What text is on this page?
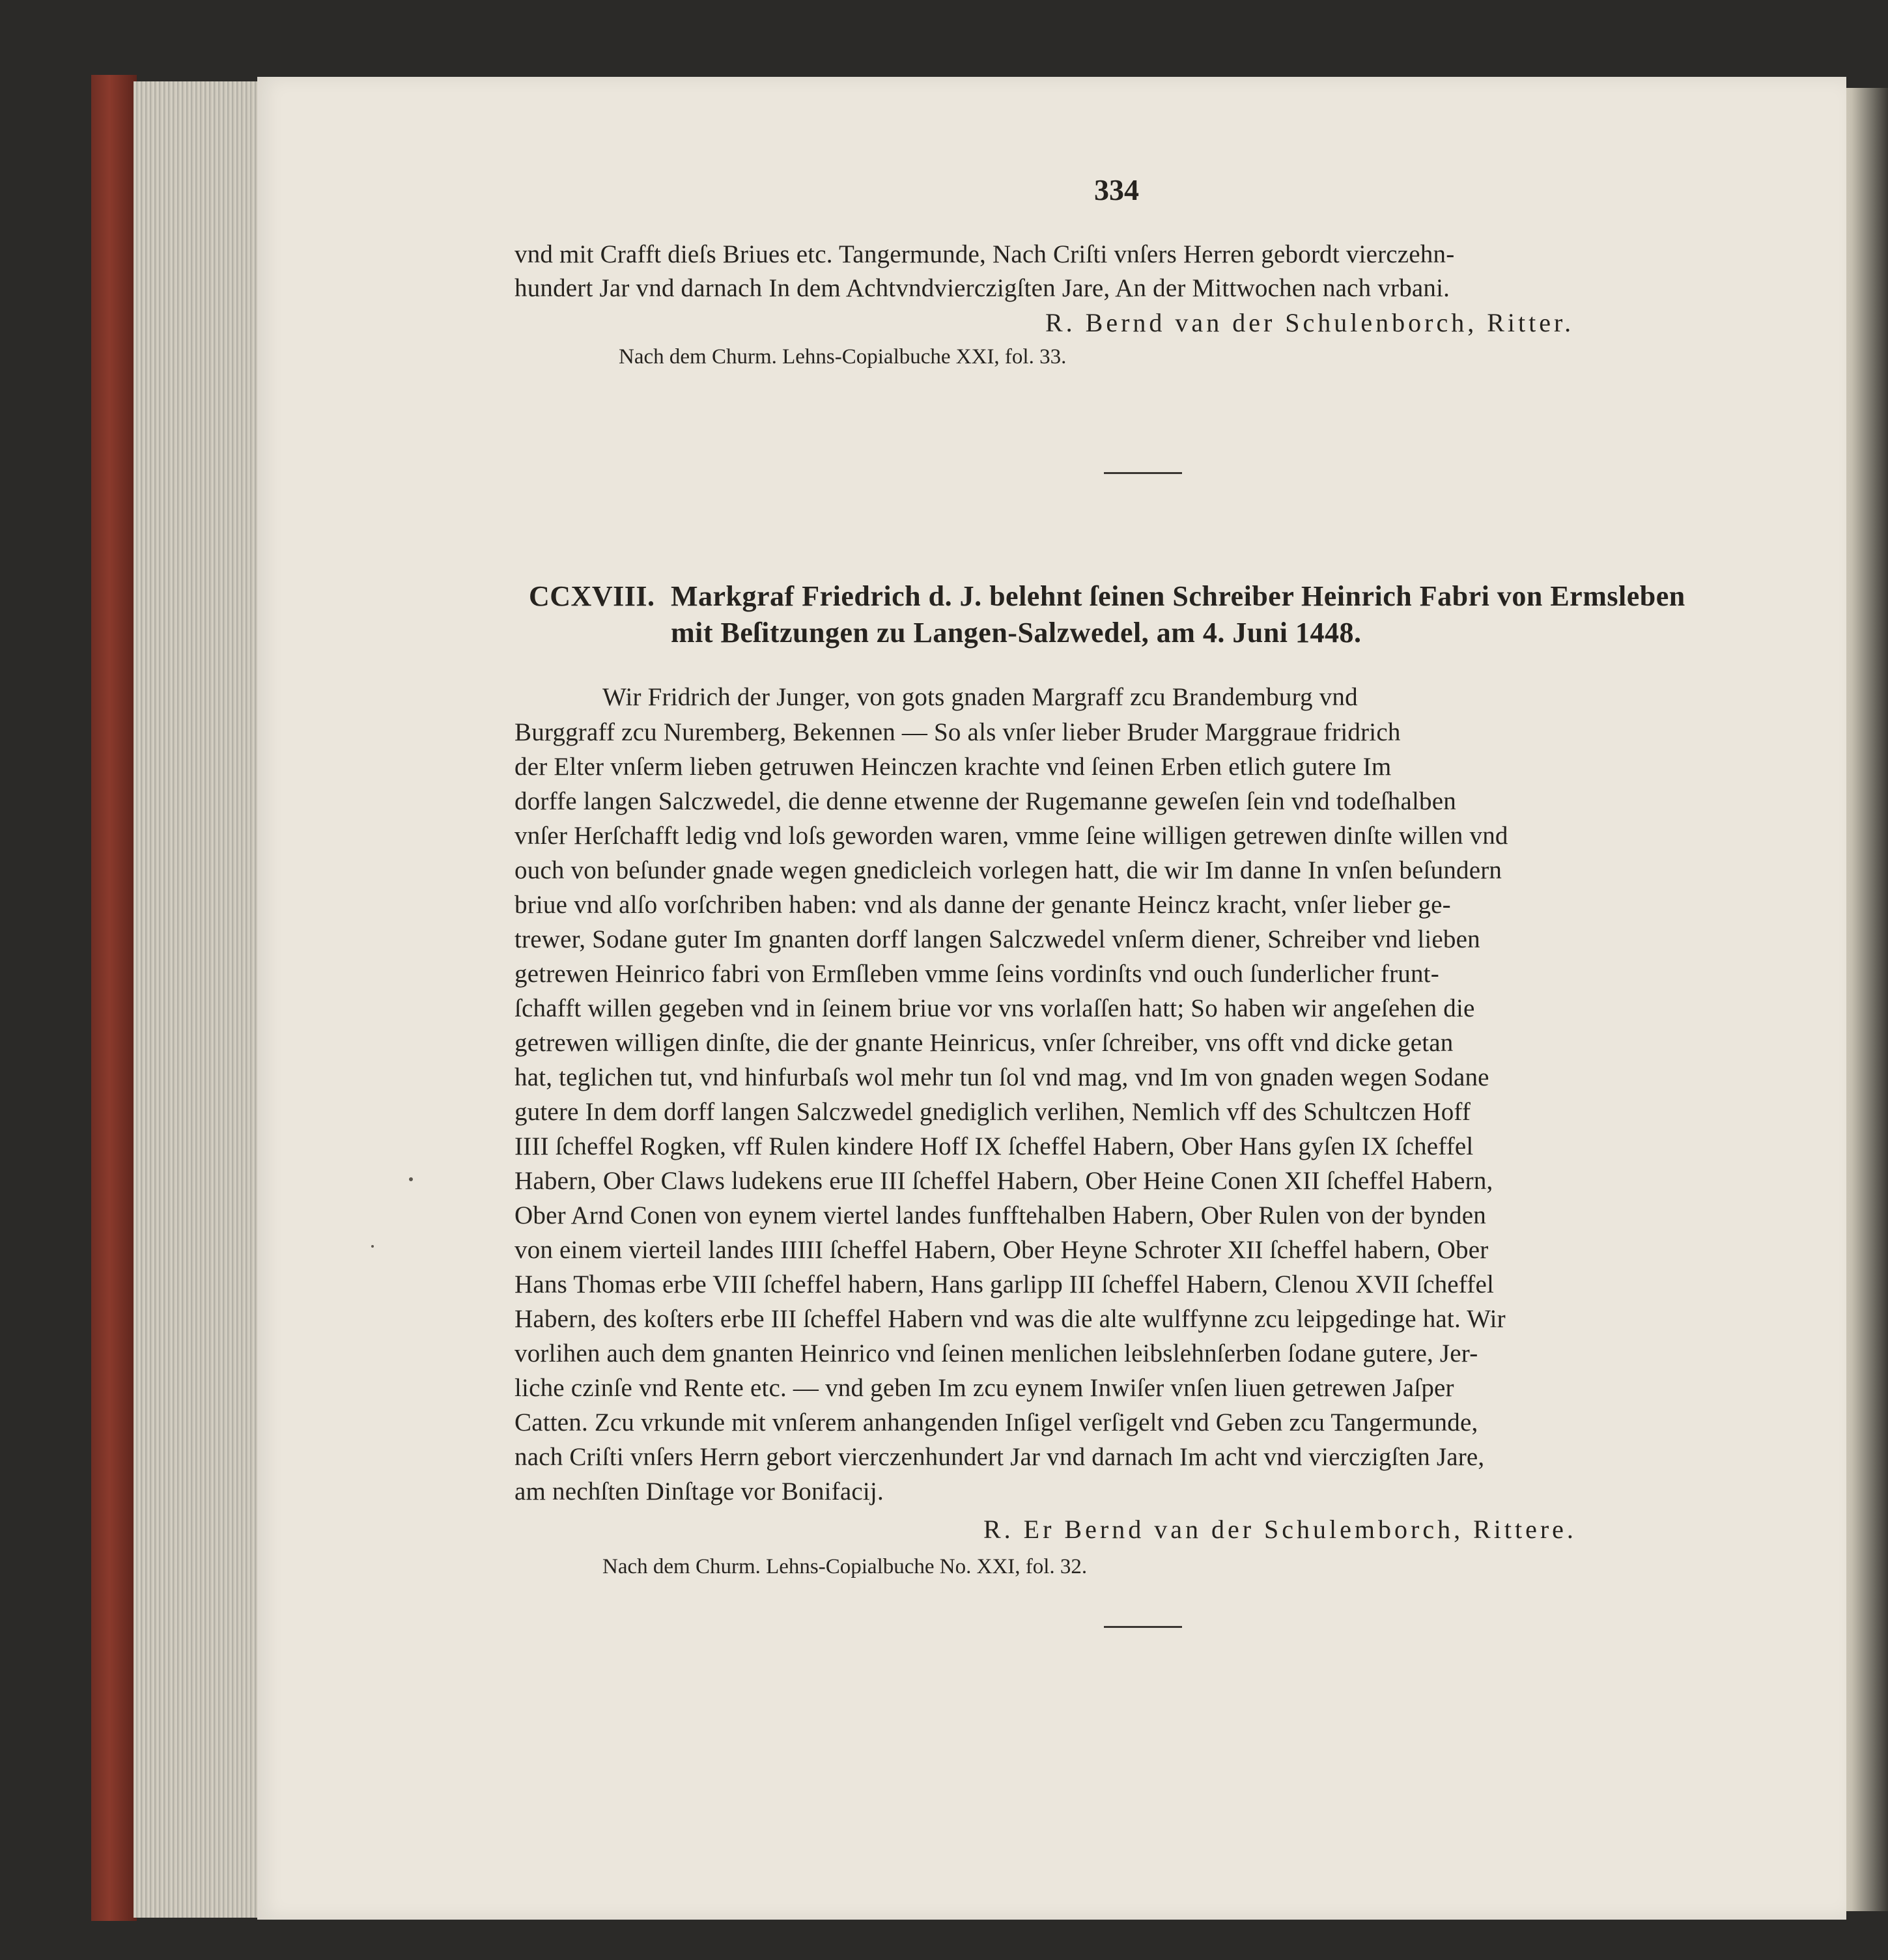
334
vnd mit Crafft dieſs Briues etc. Tangermunde, Nach Criſti vnſers Herren gebordt vierczehn-
hundert Jar vnd darnach In dem Achtvndvierczigſten Jare, An der Mittwochen nach vrbani.
R. Bernd van der Schulenborch, Ritter.
Nach dem Churm. Lehns-Copialbuche XXI, fol. 33.
CCXVIII. Markgraf Friedrich d. J. belehnt ſeinen Schreiber Heinrich Fabri von Ermsleben
mit Beſitzungen zu Langen-Salzwedel, am 4. Juni 1448.
Wir Fridrich der Junger, von gots gnaden Margraff zcu Brandemburg vnd
Burggraff zcu Nuremberg, Bekennen — So als vnſer lieber Bruder Marggraue fridrich
der Elter vnſerm lieben getruwen Heinczen krachte vnd ſeinen Erben etlich gutere Im
dorffe langen Salczwedel, die denne etwenne der Rugemanne geweſen ſein vnd todeſhalben
vnſer Herſchafft ledig vnd loſs geworden waren, vmme ſeine willigen getrewen dinſte willen vnd
ouch von beſunder gnade wegen gnedicleich vorlegen hatt, die wir Im danne In vnſen beſundern
briue vnd alſo vorſchriben haben: vnd als danne der genante Heincz kracht, vnſer lieber ge-
trewer, Sodane guter Im gnanten dorff langen Salczwedel vnſerm diener, Schreiber vnd lieben
getrewen Heinrico fabri von Ermſleben vmme ſeins vordinſts vnd ouch ſunderlicher frunt-
ſchafft willen gegeben vnd in ſeinem briue vor vns vorlaſſen hatt; So haben wir angeſehen die
getrewen willigen dinſte, die der gnante Heinricus, vnſer ſchreiber, vns offt vnd dicke getan
hat, teglichen tut, vnd hinfurbaſs wol mehr tun ſol vnd mag, vnd Im von gnaden wegen Sodane
gutere In dem dorff langen Salczwedel gnediglich verlihen, Nemlich vff des Schultczen Hoff
IIII ſcheffel Rogken, vff Rulen kindere Hoff IX ſcheffel Habern, Ober Hans gyſen IX ſcheffel
Habern, Ober Claws ludekens erue III ſcheffel Habern, Ober Heine Conen XII ſcheffel Habern,
Ober Arnd Conen von eynem viertel landes funfftehalben Habern, Ober Rulen von der bynden
von einem vierteil landes IIIII ſcheffel Habern, Ober Heyne Schroter XII ſcheffel habern, Ober
Hans Thomas erbe VIII ſcheffel habern, Hans garlipp III ſcheffel Habern, Clenou XVII ſcheffel
Habern, des koſters erbe III ſcheffel Habern vnd was die alte wulffynne zcu leipgedinge hat. Wir
vorlihen auch dem gnanten Heinrico vnd ſeinen menlichen leibslehnſerben ſodane gutere, Jer-
liche czinſe vnd Rente etc. — vnd geben Im zcu eynem Inwiſer vnſen liuen getrewen Jaſper
Catten. Zcu vrkunde mit vnſerem anhangenden Inſigel verſigelt vnd Geben zcu Tangermunde,
nach Criſti vnſers Herrn gebort vierczenhundert Jar vnd darnach Im acht vnd vierczigſten Jare,
am nechſten Dinſtage vor Bonifacij.
R. Er Bernd van der Schulemborch, Rittere.
Nach dem Churm. Lehns-Copialbuche No. XXI, fol. 32.
